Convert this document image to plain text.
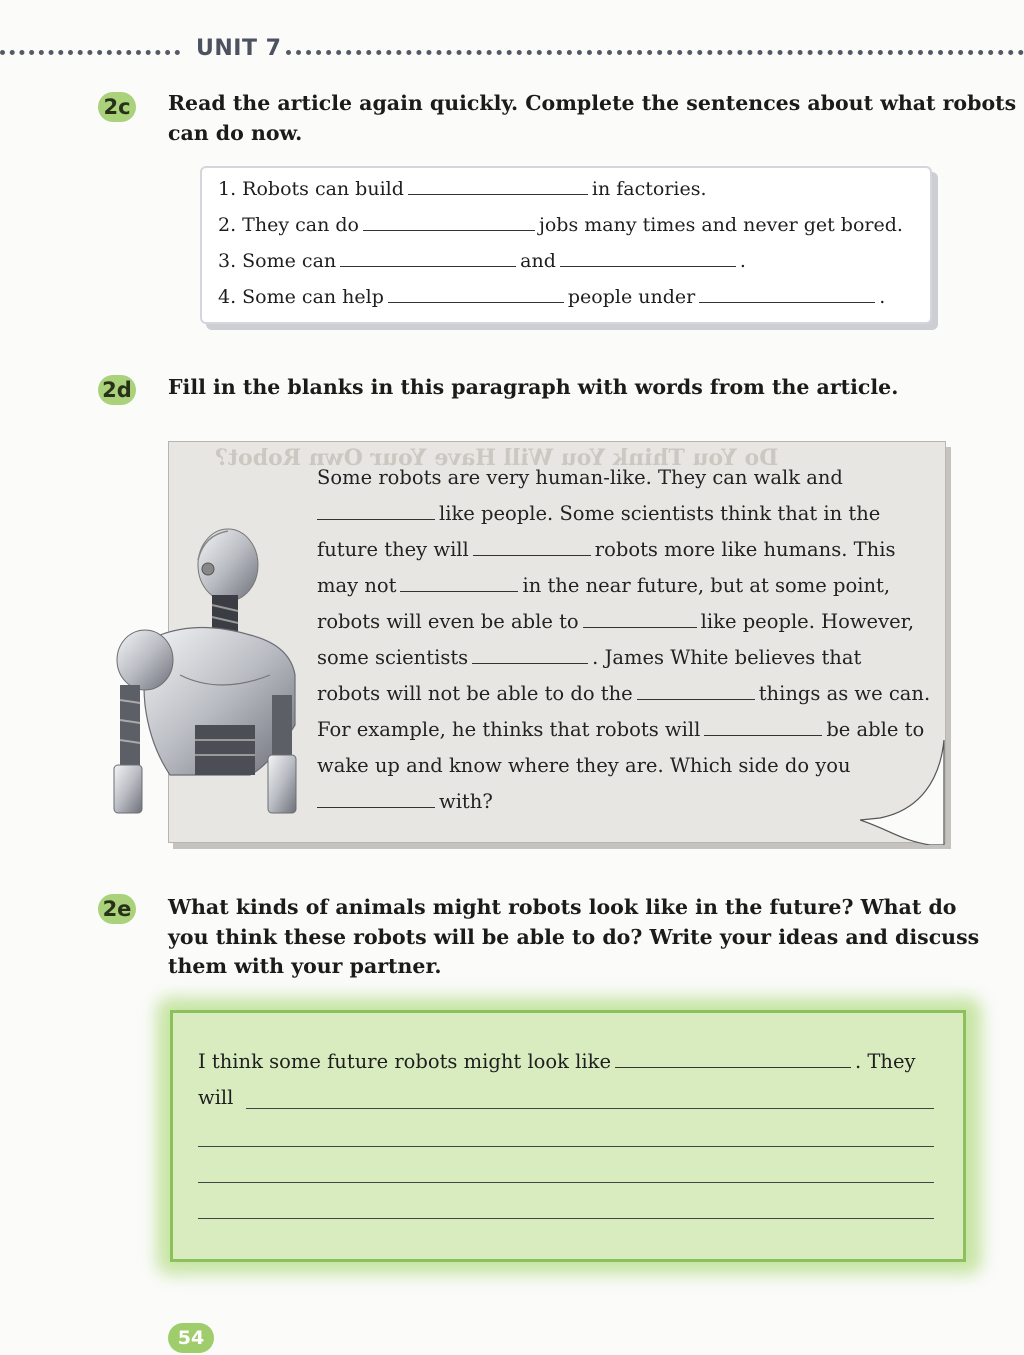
UNIT 7
2c Read the article again quickly. Complete the sentences about what robots
can do now.
1. Robots can build	in factories.
2. They can do	jobs many times and never get bored.
3. Some can	and	.
4. Some can help	people under	.
2d Fill in the blanks in this paragraph with words from the article.
Do You Think You Will Have Your Own Robot?
Some robots are very human-like. They can walk and
like people. Some scientists think that in the
future they will	robots more like humans. This
may not	in the near future, but at some point,
robots will even be able to	like people. However,
some scientists	. James White believes that
robots will not be able to do the	things as we can.
For example, he thinks that robots will	be able to
wake up and know where they are. Which side do you
with?
2e What kinds of animals might robots look like in the future? What do
you think these robots will be able to do? Write your ideas and discuss
them with your partner.
I think some future robots might look like	. They
will
54
